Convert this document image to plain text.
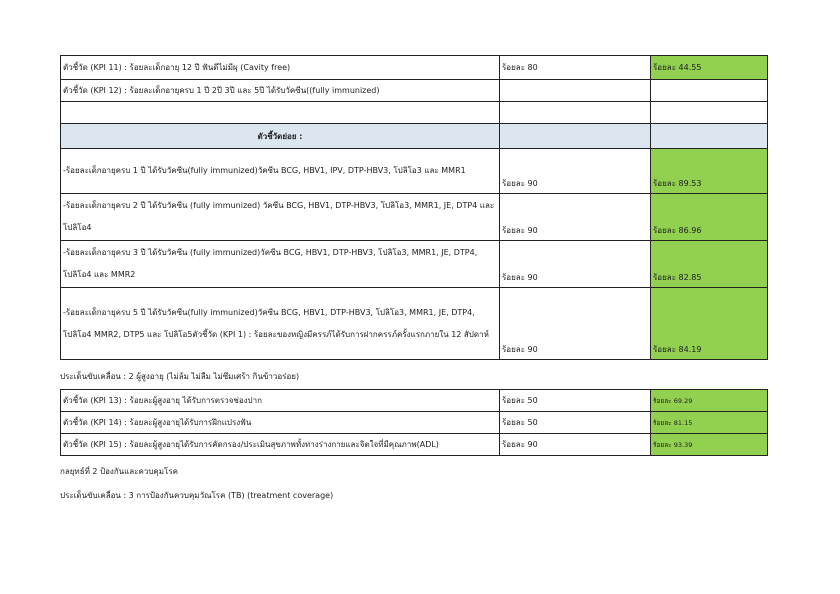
ตัวชี้วัด (KPI 11) : ร้อยละเด็กอายุ 12 ปี ฟันดีไม่มีผุ (Cavity free)	ร้อยละ 80	ร้อยละ 44.55
ตัวชี้วัด (KPI 12) : ร้อยละเด็กอายุครบ 1 ปี 2ปี 3ปี และ 5ปี ได้รับวัคซีน((fully immunized)		

ตัวชี้วัดย่อย :		
-ร้อยละเด็กอายุครบ 1 ปี ได้รับวัคซีน(fully immunized)วัคซีน BCG, HBV1, IPV, DTP-HBV3, โปลิโอ3 และ MMR1	ร้อยละ 90	ร้อยละ 89.53
-ร้อยละเด็กอายุครบ 2 ปี ได้รับวัคซีน (fully immunized) วัคซีน BCG, HBV1, DTP-HBV3, โปลิโอ3, MMR1, JE, DTP4 และ โปลิโอ4	ร้อยละ 90	ร้อยละ 86.96
-ร้อยละเด็กอายุครบ 3 ปี ได้รับวัคซีน (fully immunized)วัคซีน BCG, HBV1, DTP-HBV3, โปลิโอ3, MMR1, JE, DTP4, โปลิโอ4 และ MMR2	ร้อยละ 90	ร้อยละ 82.85
-ร้อยละเด็กอายุครบ 5 ปี ได้รับวัคซีน(fully immunized)วัคซีน BCG, HBV1, DTP-HBV3, โปลิโอ3, MMR1, JE, DTP4, โปลิโอ4 MMR2, DTP5 และ โปลิโอ5ตัวชี้วัด (KPI 1) : ร้อยละของหญิงมีครรภ์ได้รับการฝากครรภ์ครั้งแรกภายใน 12 สัปดาห์	ร้อยละ 90	ร้อยละ 84.19
ประเด็นขับเคลื่อน : 2 ผู้สูงอายุ (ไม่ล้ม ไม่ลืม ไม่ซึมเศร้า กินข้าวอร่อย)
ตัวชี้วัด (KPI 13) : ร้อยละผู้สูงอายุ ได้รับการตรวจช่องปาก	ร้อยละ 50	ร้อยละ 69.29
ตัวชี้วัด (KPI 14) : ร้อยละผู้สูงอายุได้รับการฝึกแปรงฟัน	ร้อยละ 50	ร้อยละ 81.15
ตัวชี้วัด (KPI 15) : ร้อยละผู้สูงอายุได้รับการคัดกรอง/ประเมินสุขภาพทั้งทางร่างกายและจิตใจที่มีคุณภาพ(ADL)	ร้อยละ 90	ร้อยละ 93.39
กลยุทธ์ที่ 2 ป้องกันและควบคุมโรค
ประเด็นขับเคลื่อน : 3 การป้องกันควบคุมวัณโรค (TB) (treatment coverage)
